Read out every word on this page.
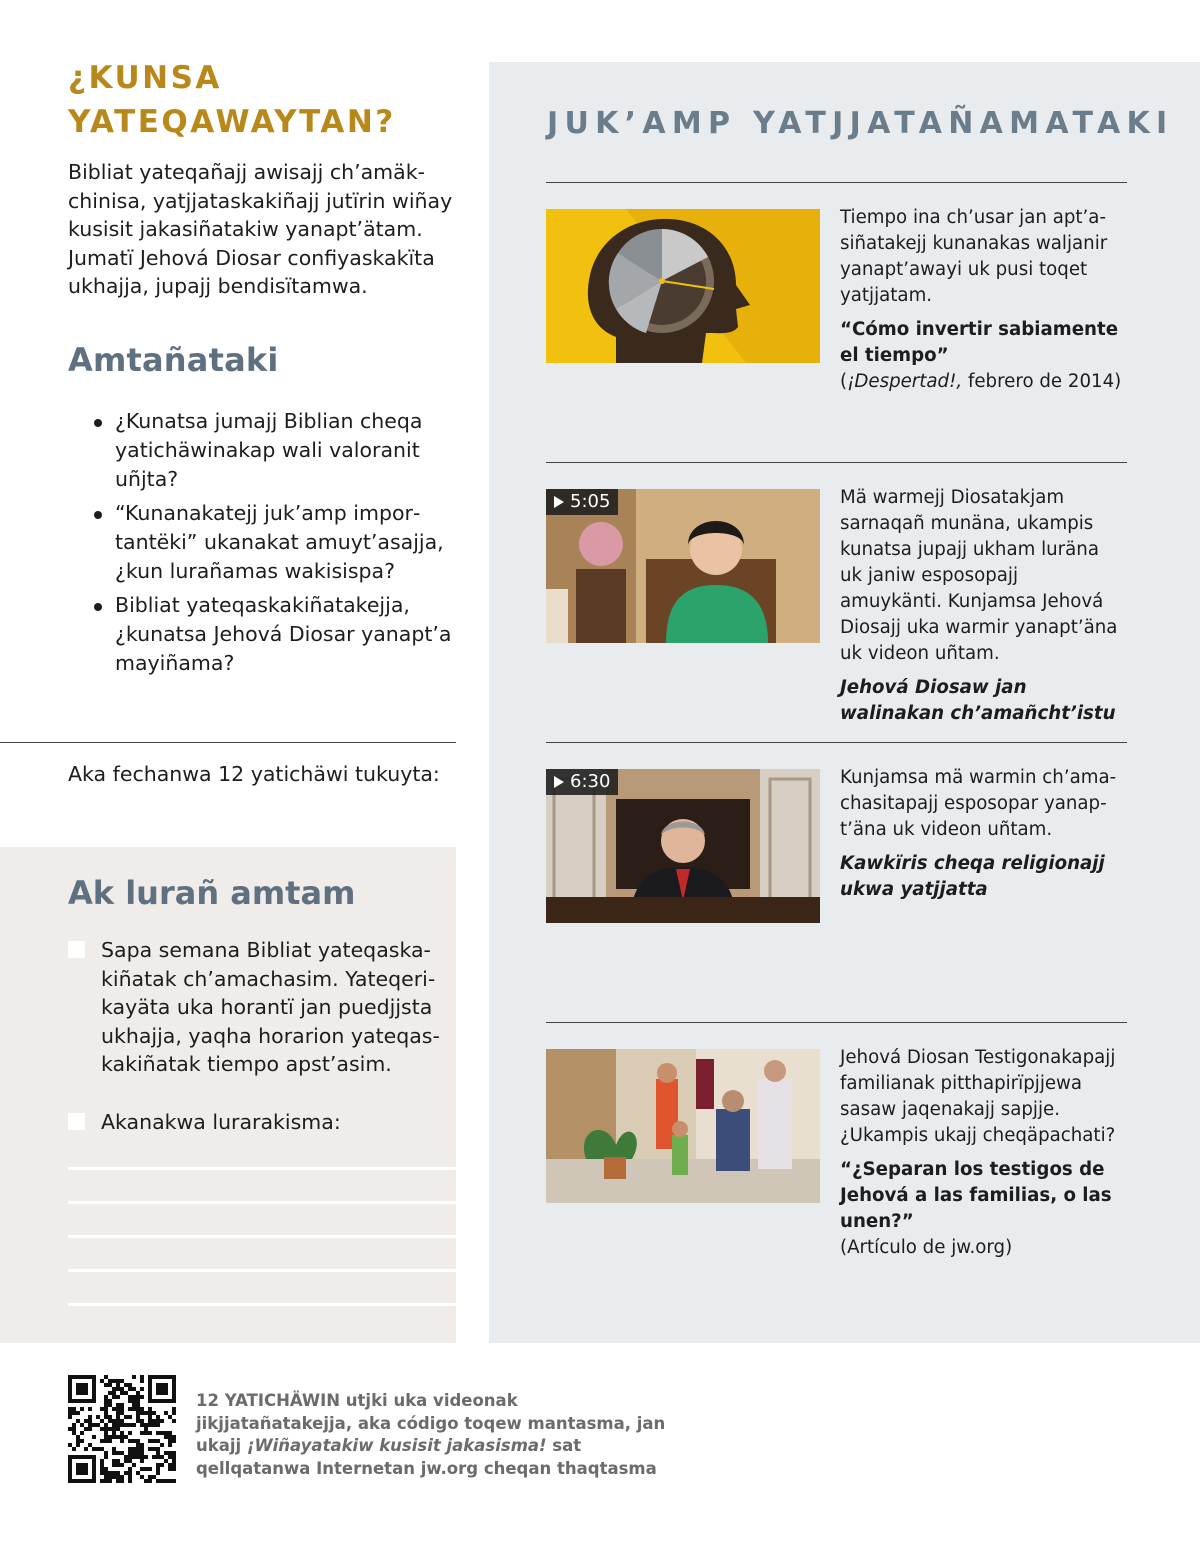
¿KUNSA
YATEQAWAYTAN?

Bibliat yateqañajj awisajj ch’amäkchinisa, yatjjataskakiñajj jutïrin wiñay kusisit jakasiñatakiw yanapt’ätam. Jumatï Jehová Diosar confiyaskakïta ukhajja, jupajj bendisïtamwa.

Amtañataki
¿Kunatsa jumajj Biblian cheqa yatichäwinakap wali valoranit uñjta?
“Kunanakatejj juk’amp importantëki” ukanakat amuyt’asajja, ¿kun lurañamas wakisispa?
Bibliat yateqaskakiñatakejja, ¿kunatsa Jehová Diosar yanapt’a mayiñama?
Aka fechanwa 12 yatichäwi tukuyta:
Ak lurañ amtam

Sapa semana Bibliat yateqaskakiñatak ch’amachasim. Yateqerikayäta uka horantï jan puedjjsta ukhajja, yaqha horarion yateqaskakiñatak tiempo apst’asim.

Akanakwa lurarakisma:

JUK’AMP YATJJATAÑAMATAKI

Tiempo ina ch’usar jan apt’asiñatakejj kunanakas waljanir yanapt’awayi uk pusi toqet yatjjatam.

“Cómo invertir sabiamente el tiempo”

(¡Despertad!, febrero de 2014)

5:05	Mä warmejj Diosatakjam sarnaqañ munäna, ukampis kunatsa jupajj ukham luräna uk janiw esposopajj amuykänti. Kunjamsa Jehová Diosajj uka warmir yanapt’äna uk videon uñtam.

Jehová Diosaw jan walinakan ch’amañcht’istu

6:30	Kunjamsa mä warmin ch’amachasitapajj esposopar yanapt’äna uk videon uñtam.

Kawkïris cheqa religionajj ukwa yatjjatta

Jehová Diosan Testigonakapajj familianak pitthapirïpjjewa sasaw jaqenakajj sapjje. ¿Ukampis ukajj cheqäpachati?

“¿Separan los testigos de Jehová a las familias, o las unen?”

(Artículo de jw.org)

12 YATICHÄWIN utjki uka videonak jikjjatañatakejja, aka código toqew mantasma, jan ukajj ¡Wiñayatakiw kusisit jakasisma! sat qellqatanwa Internetan jw.org cheqan thaqtasma
